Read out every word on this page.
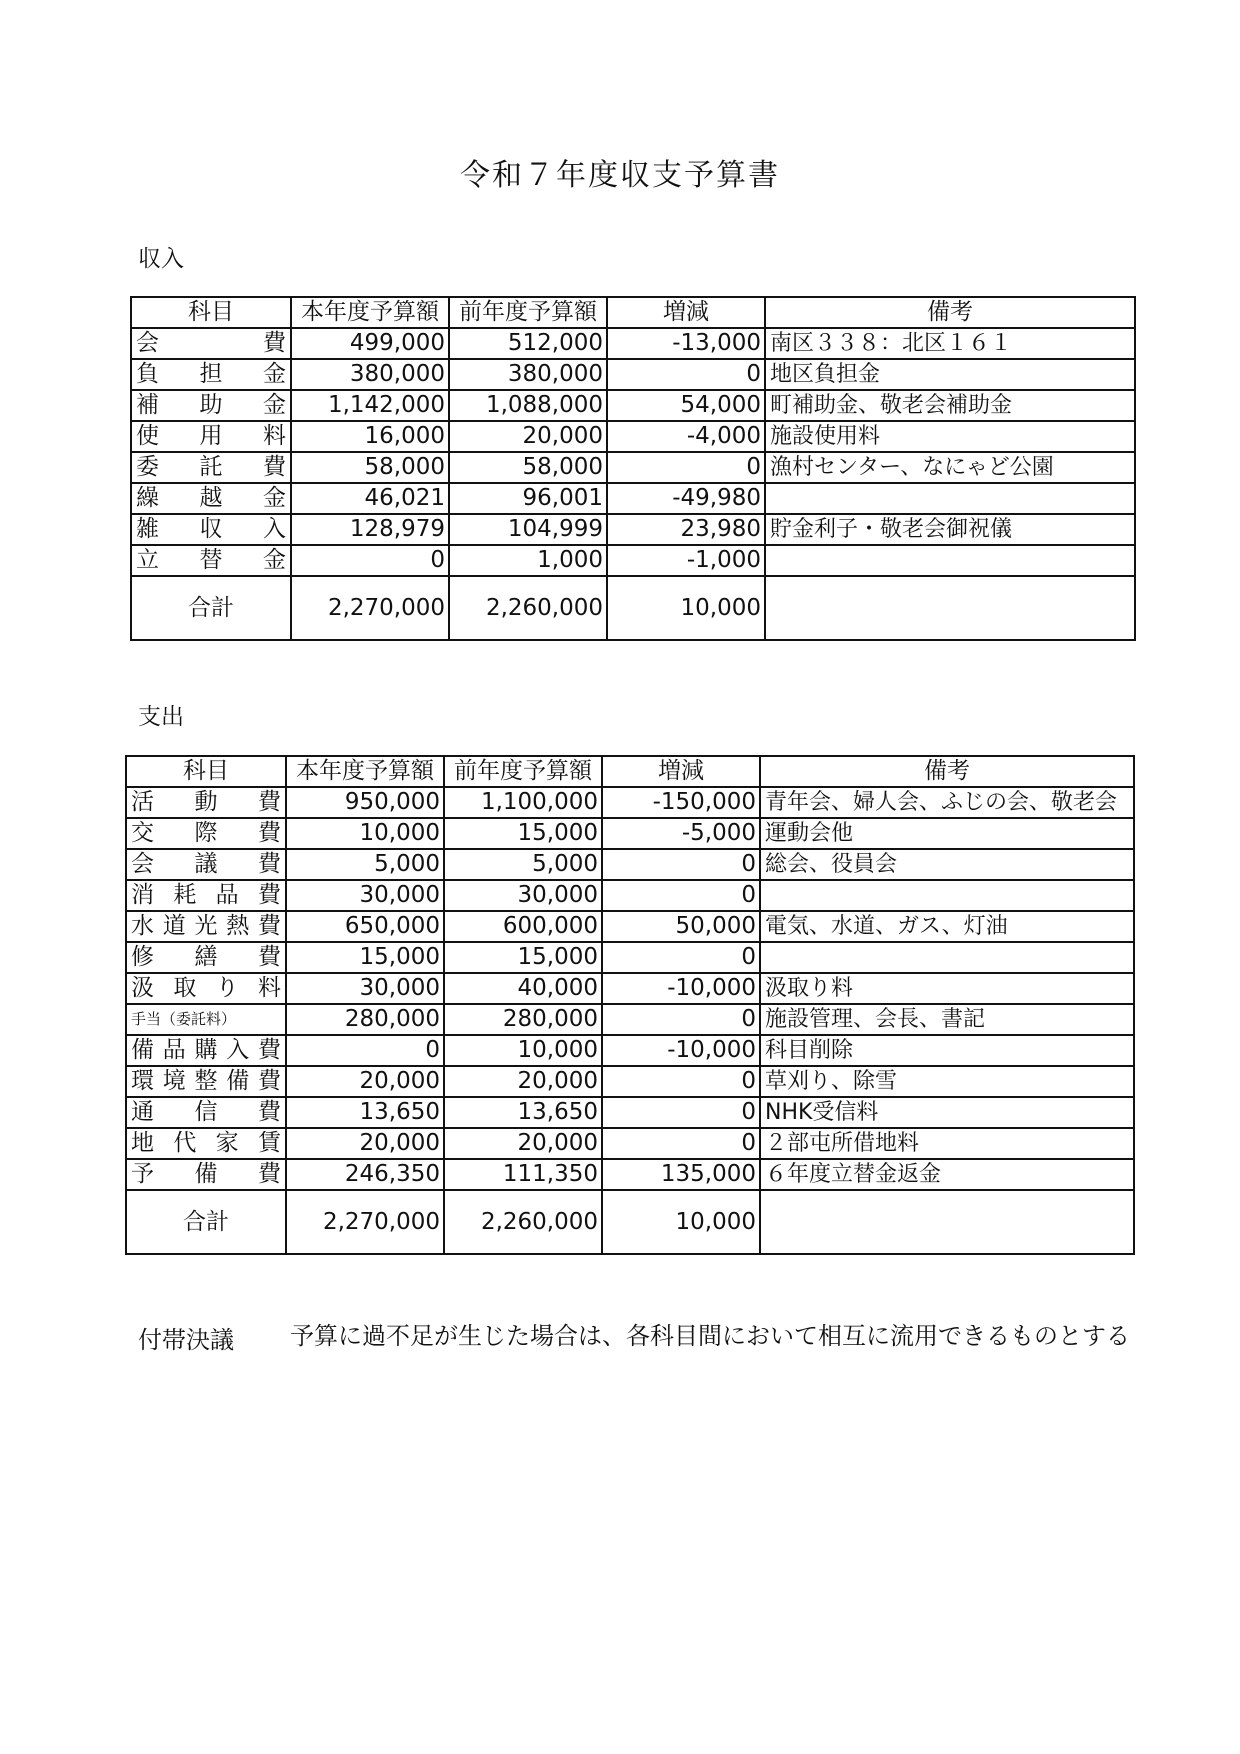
令和７年度収支予算書
収入
科目	本年度予算額	前年度予算額	増減	備考
会費	499,000	512,000	-13,000	南区３３８：北区１６１
負担金	380,000	380,000	0	地区負担金
補助金	1,142,000	1,088,000	54,000	町補助金、敬老会補助金
使用料	16,000	20,000	-4,000	施設使用料
委託費	58,000	58,000	0	漁村センター、なにゃど公園
繰越金	46,021	96,001	-49,980	
雑収入	128,979	104,999	23,980	貯金利子・敬老会御祝儀
立替金	0	1,000	-1,000	
合計	2,270,000	2,260,000	10,000	
支出
科目	本年度予算額	前年度予算額	増減	備考
活動費	950,000	1,100,000	-150,000	青年会、婦人会、ふじの会、敬老会
交際費	10,000	15,000	-5,000	運動会他
会議費	5,000	5,000	0	総会、役員会
消耗品費	30,000	30,000	0	
水道光熱費	650,000	600,000	50,000	電気、水道、ガス、灯油
修繕費	15,000	15,000	0	
汲取り料	30,000	40,000	-10,000	汲取り料
手当（委託料）	280,000	280,000	0	施設管理、会長、書記
備品購入費	0	10,000	-10,000	科目削除
環境整備費	20,000	20,000	0	草刈り、除雪
通信費	13,650	13,650	0	NHK受信料
地代家賃	20,000	20,000	0	２部屯所借地料
予備費	246,350	111,350	135,000	６年度立替金返金
合計	2,270,000	2,260,000	10,000	
付帯決議 予算に過不足が生じた場合は、各科目間において相互に流用できるものとする
